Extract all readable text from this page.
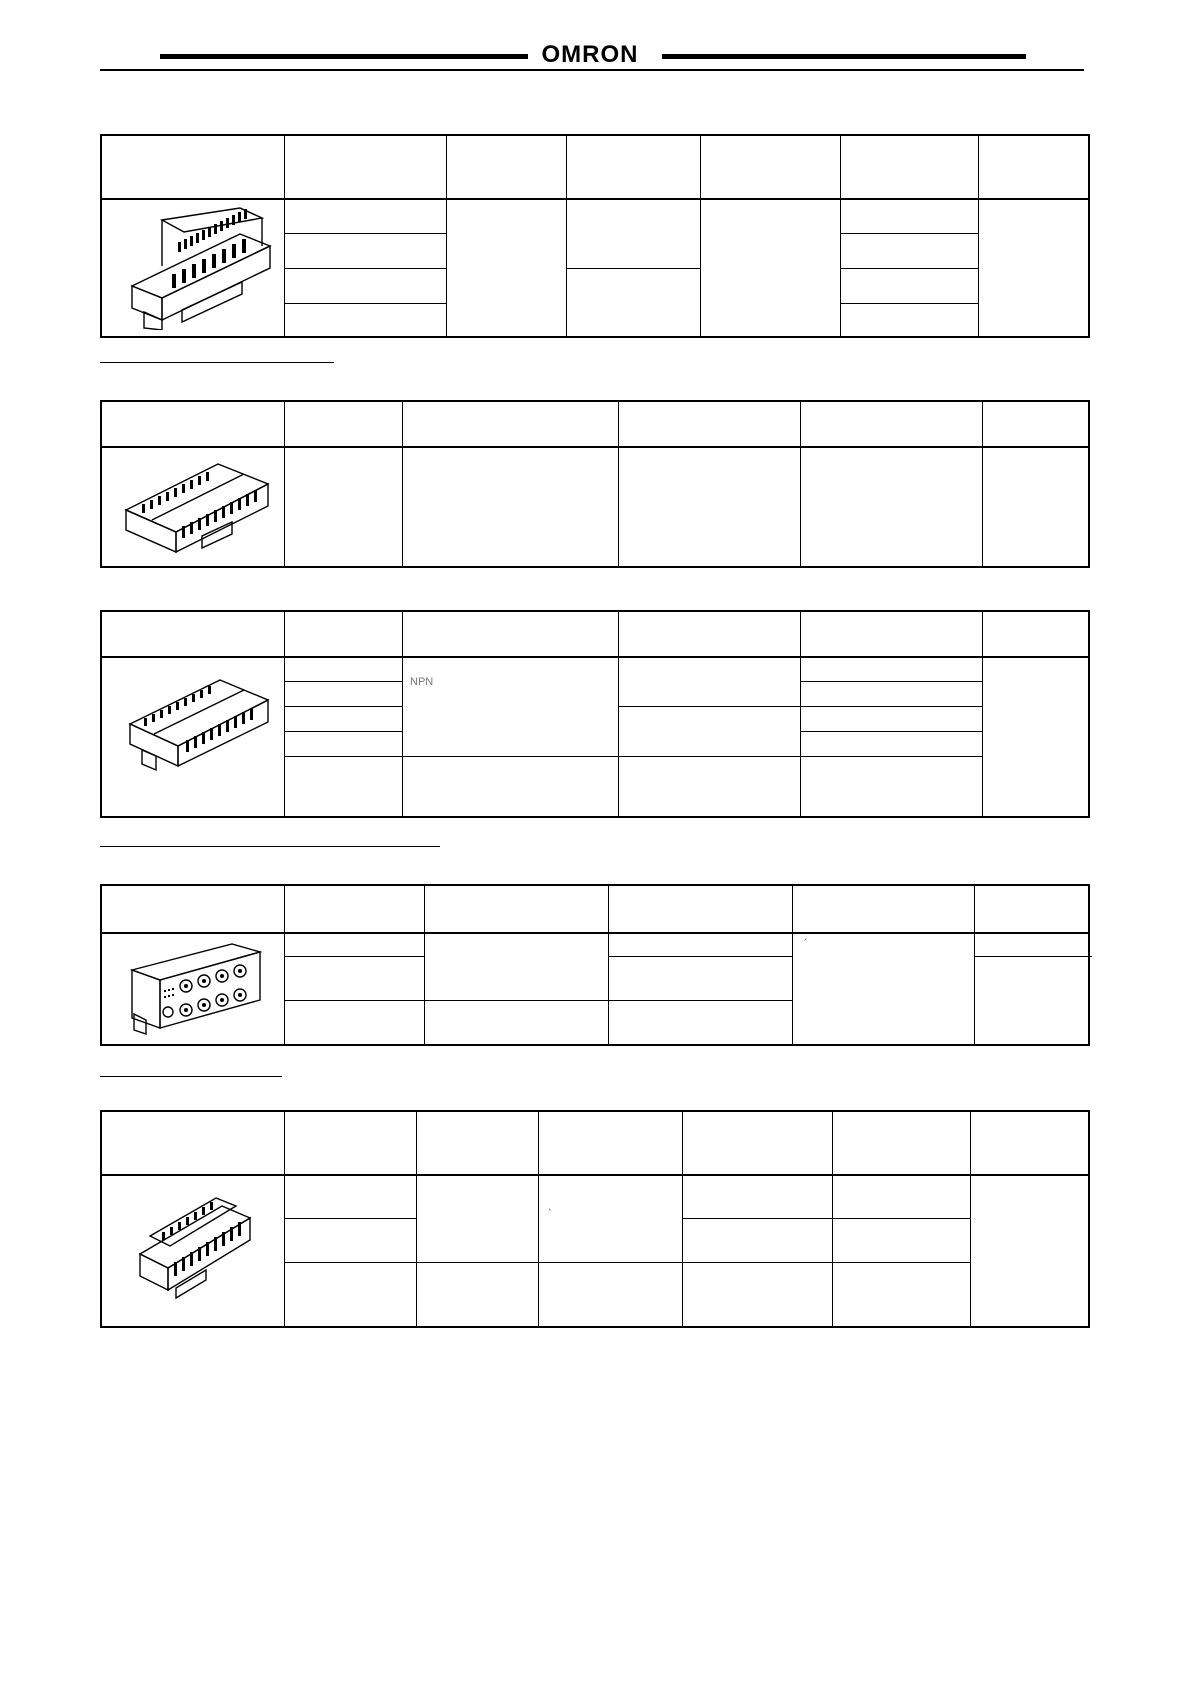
OMRON
NPN
´
`
